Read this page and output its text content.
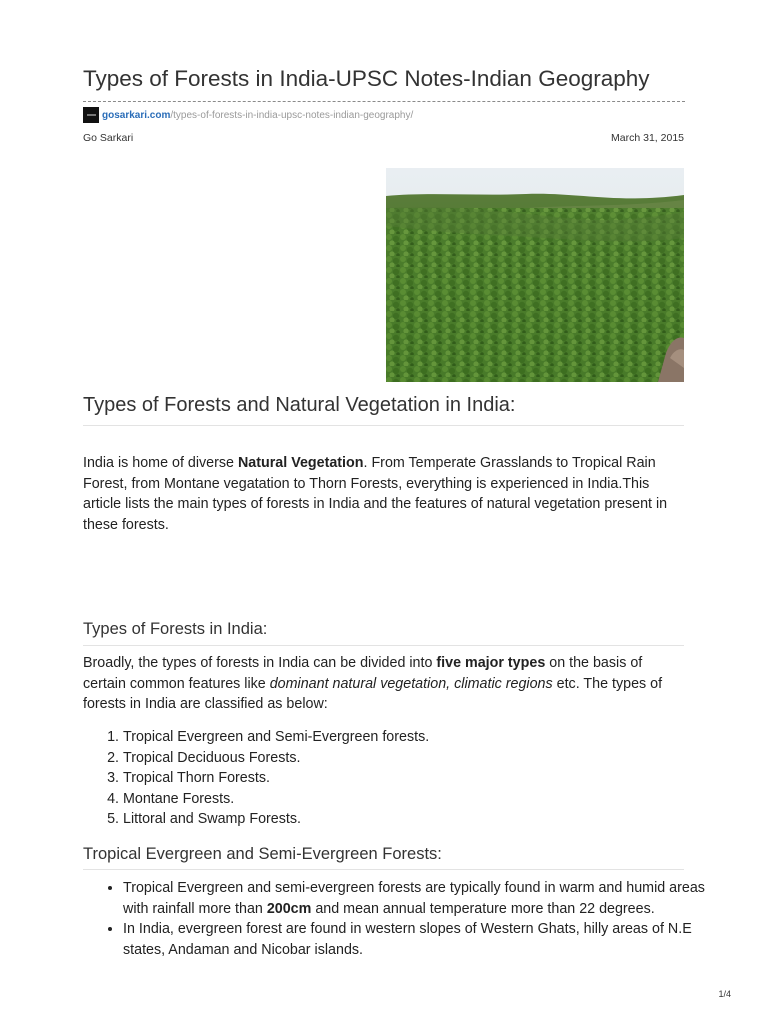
Types of Forests in India-UPSC Notes-Indian Geography
gosarkari.com /types-of-forests-in-india-upsc-notes-indian-geography/
Go Sarkari	March 31, 2015
Types of Forests and Natural Vegetation in India:

India is home of diverse Natural Vegetation. From Temperate Grasslands to Tropical Rain Forest, from Montane vegatation to Thorn Forests, everything is experienced in India.This article lists the main types of forests in India and the features of natural vegetation present in these forests.

Types of Forests in India:

Broadly, the types of forests in India can be divided into five major types on the basis of certain common features like dominant natural vegetation, climatic regions etc. The types of forests in India are classified as below:

1. Tropical Evergreen and Semi-Evergreen forests.
2. Tropical Deciduous Forests.
3. Tropical Thorn Forests.
4. Montane Forests.
5. Littoral and Swamp Forests.
Tropical Evergreen and Semi-Evergreen Forests:
• Tropical Evergreen and semi-evergreen forests are typically found in warm and humid areas with rainfall more than 200cm and mean annual temperature more than 22 degrees.
• In India, evergreen forest are found in western slopes of Western Ghats, hilly areas of N.E states, Andaman and Nicobar islands.
1/4
